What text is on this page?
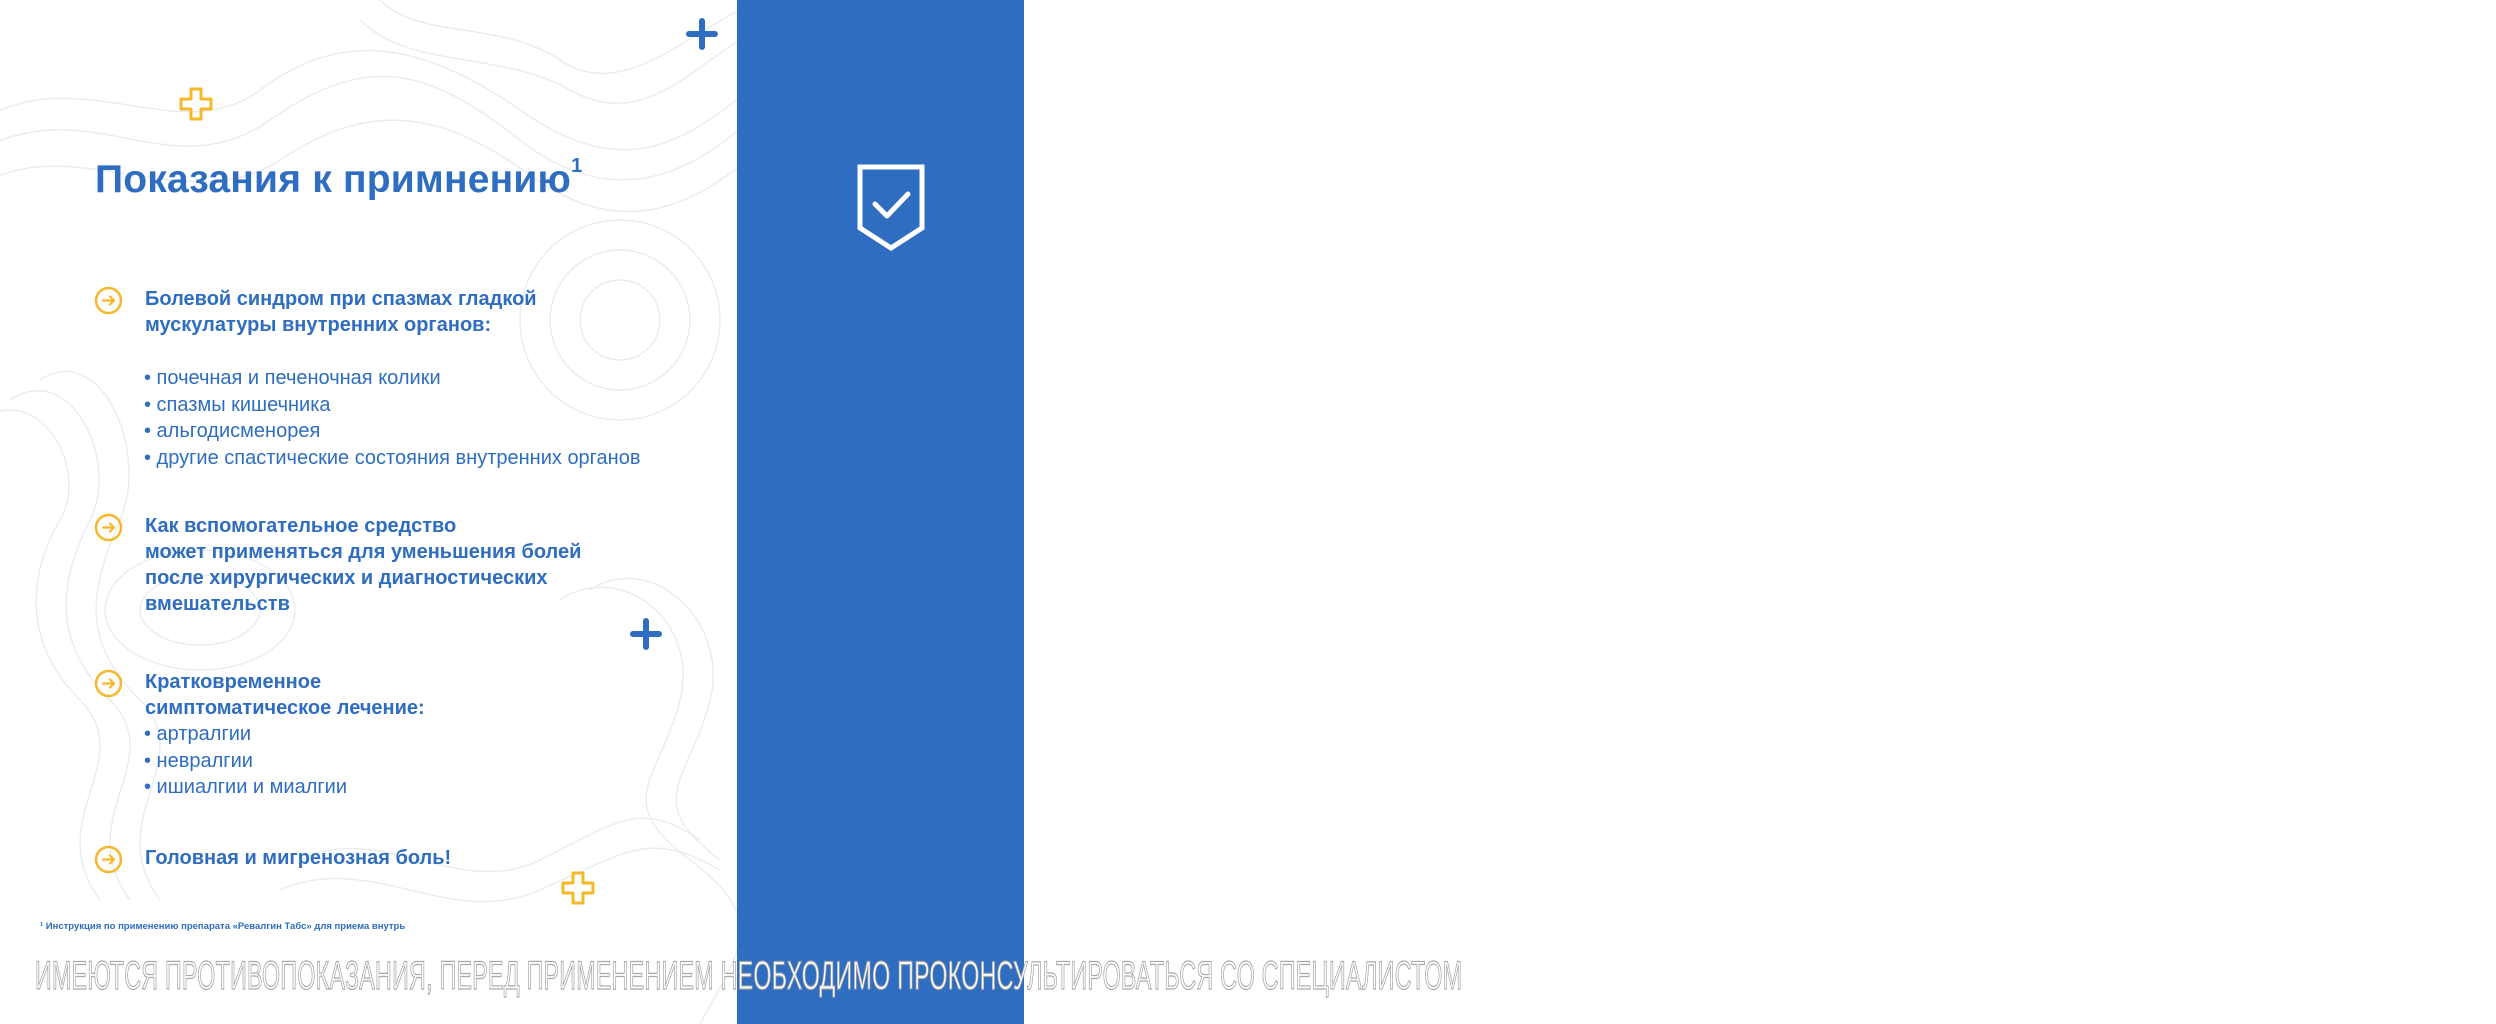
Показания к примнению$^1$
Болевой синдром при спазмах гладкой
мускулатуры внутренних органов:
• почечная и печеночная колики
• спазмы кишечника
• альгодисменорея
• другие спастические состояния внутренних органов
Как вспомогательное средство
может применяться для уменьшения болей
после хирургических и диагностических
вмешательств
Кратковременное
симптоматическое лечение:
• артралгии
• невралгии
• ишиалгии и миалгии
Головная и мигренозная боль!
¹ Инструкция по применению препарата «Ревалгин Табс» для приема внутрь
ИМЕЮТСЯ ПРОТИВОПОКАЗАНИЯ, ПЕРЕД ПРИМЕНЕНИЕМ НЕОБХОДИМО ПРОКОНСУЛЬТИРОВАТЬСЯ СО СПЕЦИАЛИСТОМ
